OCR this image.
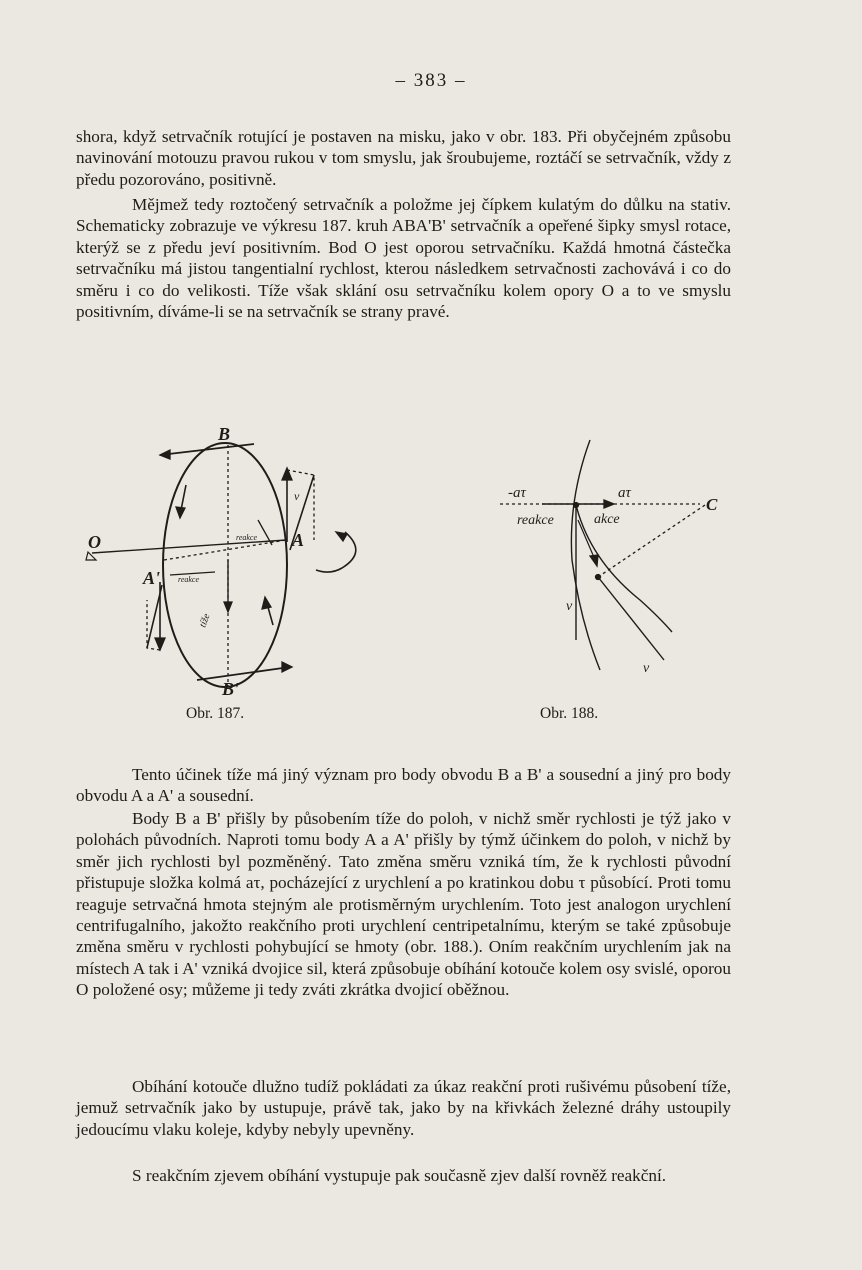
– 383 –

shora, když setrvačník rotující je postaven na misku, jako v obr. 183. Při obyčejném způsobu navinování motouzu pravou rukou v tom smyslu, jak šroubujeme, roztáčí se setrvačník, vždy z předu pozorováno, positivně.

Mějmež tedy roztočený setrvačník a položme jej čípkem kulatým do důlku na stativ. Schematicky zobrazuje ve výkresu 187. kruh ABA'B' setrvačník a opeřené šipky smysl rotace, kterýž se z předu jeví positivním. Bod O jest oporou setrvačníku. Každá hmotná částečka setrvačníku má jistou tangentialní rychlost, kterou následkem setrvačnosti zachovává i co do směru i co do velikosti. Tíže však sklání osu setrvačníku kolem opory O a to ve smyslu positivním, díváme-li se na setrvačník se strany pravé.

B
B'
A
A'
O
v
reakce
reakce
tíže
-aτ	aτ
C
reakce	akce
v
v
Obr. 187.	Obr. 188.

Tento účinek tíže má jiný význam pro body obvodu B a B' a sousední a jiný pro body obvodu A a A' a sousední.

Body B a B' přišly by působením tíže do poloh, v nichž směr rychlosti je týž jako v polohách původních. Naproti tomu body A a A' přišly by týmž účinkem do poloh, v nichž by směr jich rychlosti byl pozměněný. Tato změna směru vzniká tím, že k rychlosti původní přistupuje složka kolmá aτ, pocházející z urychlení a po kratinkou dobu τ působící. Proti tomu reaguje setrvačná hmota stejným ale protisměrným urychlením. Toto jest analogon urychlení centrifugalního, jakožto reakčního proti urychlení centripetalnímu, kterým se také způsobuje změna směru v rychlosti pohybující se hmoty (obr. 188.). Oním reakčním urychlením jak na místech A tak i A' vzniká dvojice sil, která způsobuje obíhání kotouče kolem osy svislé, oporou O položené osy; můžeme ji tedy zváti zkrátka dvojicí oběžnou.

Obíhání kotouče dlužno tudíž pokládati za úkaz reakční proti rušivému působení tíže, jemuž setrvačník jako by ustupuje, právě tak, jako by na křivkách železné dráhy ustoupily jedoucímu vlaku koleje, kdyby nebyly upevněny.

S reakčním zjevem obíhání vystupuje pak současně zjev další rovněž reakční.
